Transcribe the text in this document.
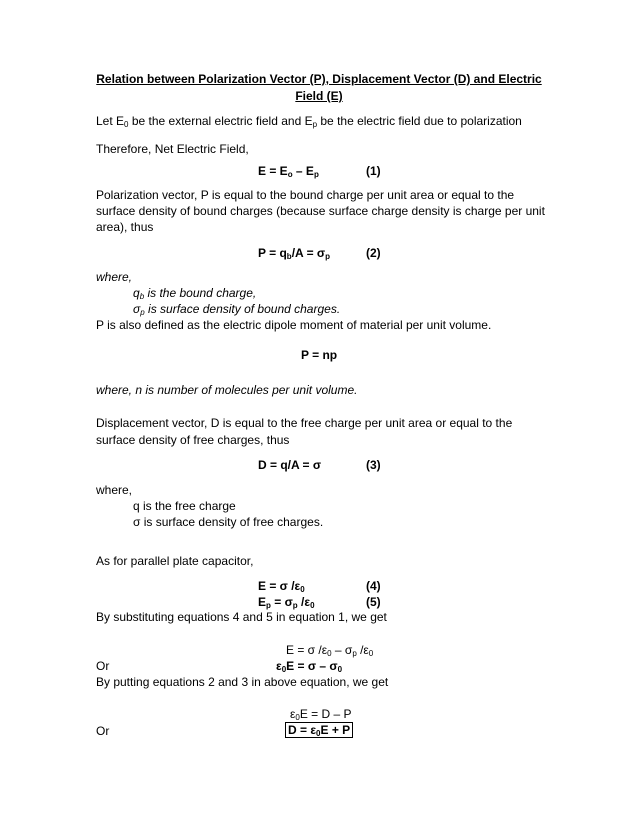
Relation between Polarization Vector (P), Displacement Vector (D) and Electric
Field (E)
Let $E_0$ be the external electric field and $E_p$ be the electric field due to polarization
Therefore, Net Electric Field,
$E = E_o - E_p$	(1)
Polarization vector, P is equal to the bound charge per unit area or equal to the
surface density of bound charges (because surface charge density is charge per unit
area), thus
$P = q_b/A = \sigma_p$	(2)
where,
$q_b$ is the bound charge,
$\sigma_p$ is surface density of bound charges.
P is also defined as the electric dipole moment of material per unit volume.
P = np
where, n is number of molecules per unit volume.
Displacement vector, D is equal to the free charge per unit area or equal to the
surface density of free charges, thus
D = q/A = σ	(3)
where,
q is the free charge
σ is surface density of free charges.
As for parallel plate capacitor,
E = σ $/\varepsilon_0$	(4)
$E_p = \sigma_p$ $/\varepsilon_0$	(5)
By substituting equations 4 and 5 in equation 1, we get
E = σ $/\varepsilon_0 - \sigma_p$ $/\varepsilon_0$
Or	$\varepsilon_0E = \sigma - \sigma_0$
By putting equations 2 and 3 in above equation, we get
$\varepsilon_0E = D - P$
Or	$D = \varepsilon_0E + P$
